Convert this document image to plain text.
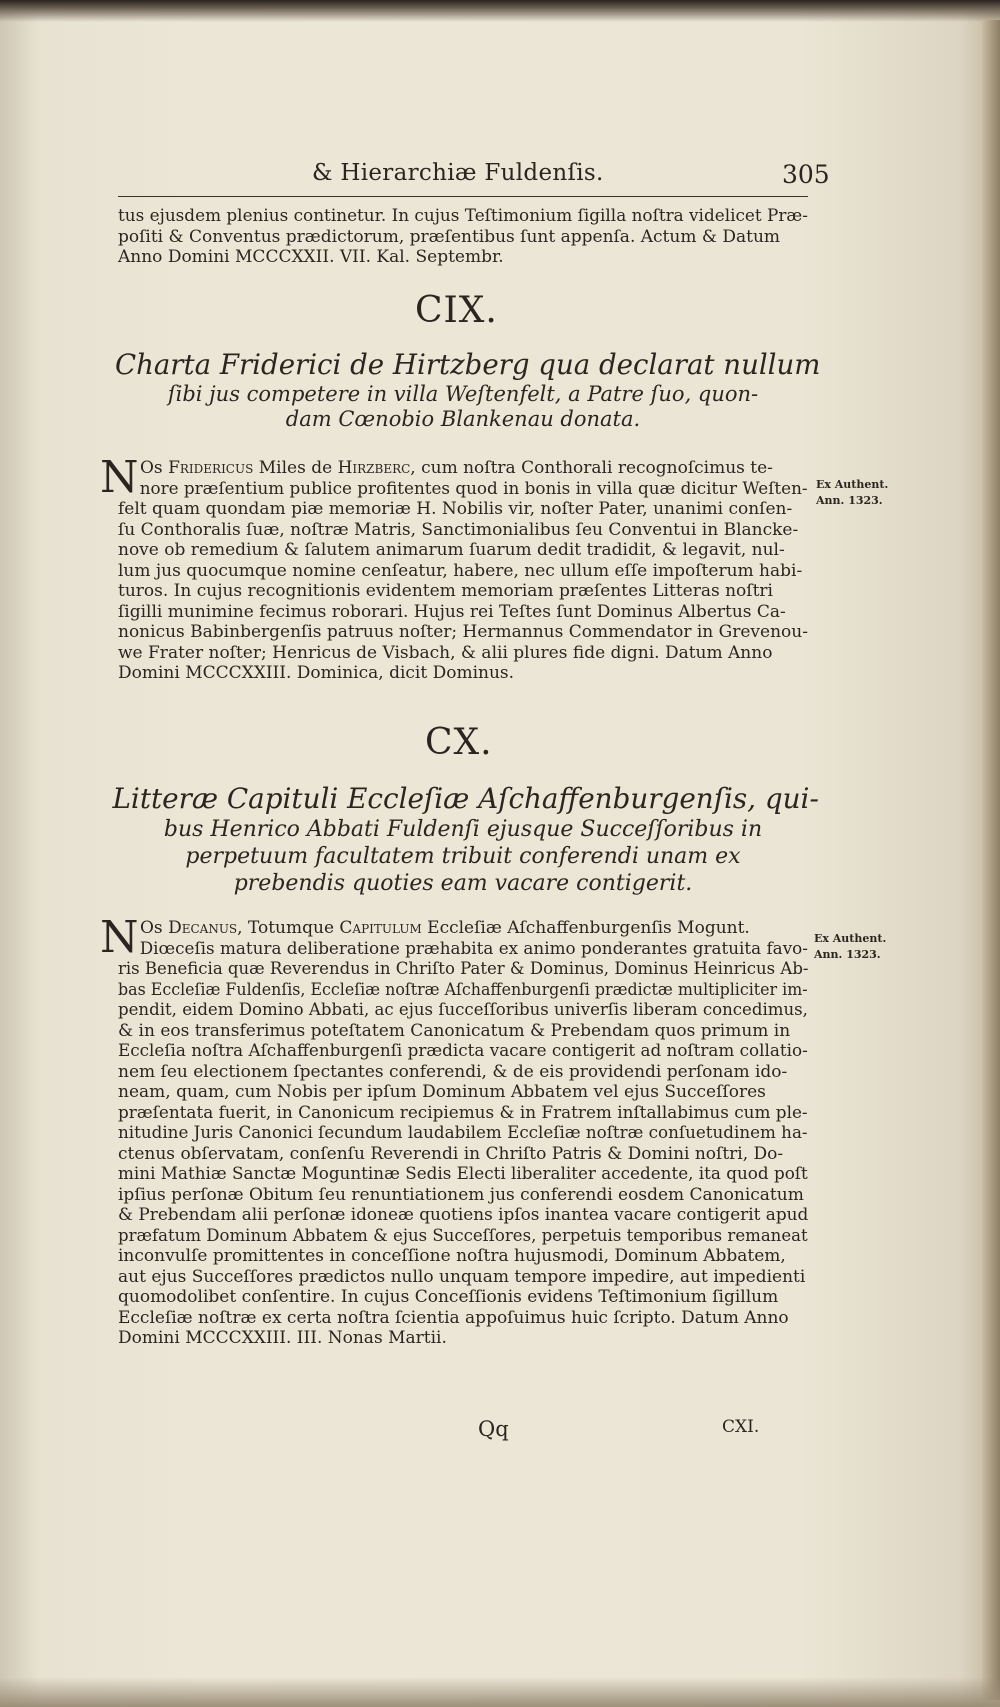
& Hierarchiæ Fuldenſis.	305
tus ejusdem plenius continetur. In cujus Teſtimonium ſigilla noſtra videlicet Præ-
poſiti & Conventus prædictorum, præſentibus ſunt appenſa. Actum & Datum
Anno Domini MCCCXXII. VII. Kal. Septembr.
CIX.
Charta Friderici de Hirtzberg qua declarat nullum
ſibi jus competere in villa Weſtenfelt, a Patre ſuo, quon-
dam Cœnobio Blankenau donata.
N Os Fridericus Miles de Hirzberc, cum noſtra Conthorali recognoſcimus te-
nore præſentium publice profitentes quod in bonis in villa quæ dicitur Weſten-
felt quam quondam piæ memoriæ H. Nobilis vir, noſter Pater, unanimi conſen-
ſu Conthoralis ſuæ, noſtræ Matris, Sanctimonialibus ſeu Conventui in Blancke-
nove ob remedium & ſalutem animarum ſuarum dedit tradidit, & legavit, nul-
lum jus quocumque nomine cenſeatur, habere, nec ullum eſſe impoſterum habi-
turos. In cujus recognitionis evidentem memoriam præſentes Litteras noſtri
ſigilli munimine fecimus roborari. Hujus rei Teſtes ſunt Dominus Albertus Ca-
nonicus Babinbergenſis patruus noſter; Hermannus Commendator in Grevenou-
we Frater noſter; Henricus de Visbach, & alii plures fide digni. Datum Anno
Domini MCCCXXIII. Dominica, dicit Dominus.
Ex Authent.
Ann. 1323.
CX.
Litteræ Capituli Eccleſiæ Aſchaffenburgenſis, qui-
bus Henrico Abbati Fuldenſi ejusque Succeſſoribus in
perpetuum facultatem tribuit conferendi unam ex
prebendis quoties eam vacare contigerit.
N Os Decanus, Totumque Capitulum Eccleſiæ Aſchaffenburgenſis Mogunt.
Diœceſis matura deliberatione præhabita ex animo ponderantes gratuita favo-
ris Beneficia quæ Reverendus in Chriſto Pater & Dominus, Dominus Heinricus Ab-
bas Eccleſiæ Fuldenſis, Eccleſiæ noſtræ Aſchaffenburgenſi prædictæ multipliciter im-
pendit, eidem Domino Abbati, ac ejus ſucceſſoribus univerſis liberam concedimus,
& in eos transferimus poteſtatem Canonicatum & Prebendam quos primum in
Eccleſia noſtra Aſchaffenburgenſi prædicta vacare contigerit ad noſtram collatio-
nem ſeu electionem ſpectantes conferendi, & de eis providendi perſonam ido-
neam, quam, cum Nobis per ipſum Dominum Abbatem vel ejus Succeſſores
præſentata fuerit, in Canonicum recipiemus & in Fratrem inſtallabimus cum ple-
nitudine Juris Canonici ſecundum laudabilem Eccleſiæ noſtræ conſuetudinem ha-
ctenus obſervatam, conſenſu Reverendi in Chriſto Patris & Domini noſtri, Do-
mini Mathiæ Sanctæ Moguntinæ Sedis Electi liberaliter accedente, ita quod poſt
ipſius perſonæ Obitum ſeu renuntiationem jus conferendi eosdem Canonicatum
& Prebendam alii perſonæ idoneæ quotiens ipſos inantea vacare contigerit apud
præfatum Dominum Abbatem & ejus Succeſſores, perpetuis temporibus remaneat
inconvulſe promittentes in conceſſione noſtra hujusmodi, Dominum Abbatem,
aut ejus Succeſſores prædictos nullo unquam tempore impedire, aut impedienti
quomodolibet conſentire. In cujus Conceſſionis evidens Teſtimonium ſigillum
Eccleſiæ noſtræ ex certa noſtra ſcientia appoſuimus huic ſcripto. Datum Anno
Domini MCCCXXIII. III. Nonas Martii.
Ex Authent.
Ann. 1323.
Qq	CXI.
